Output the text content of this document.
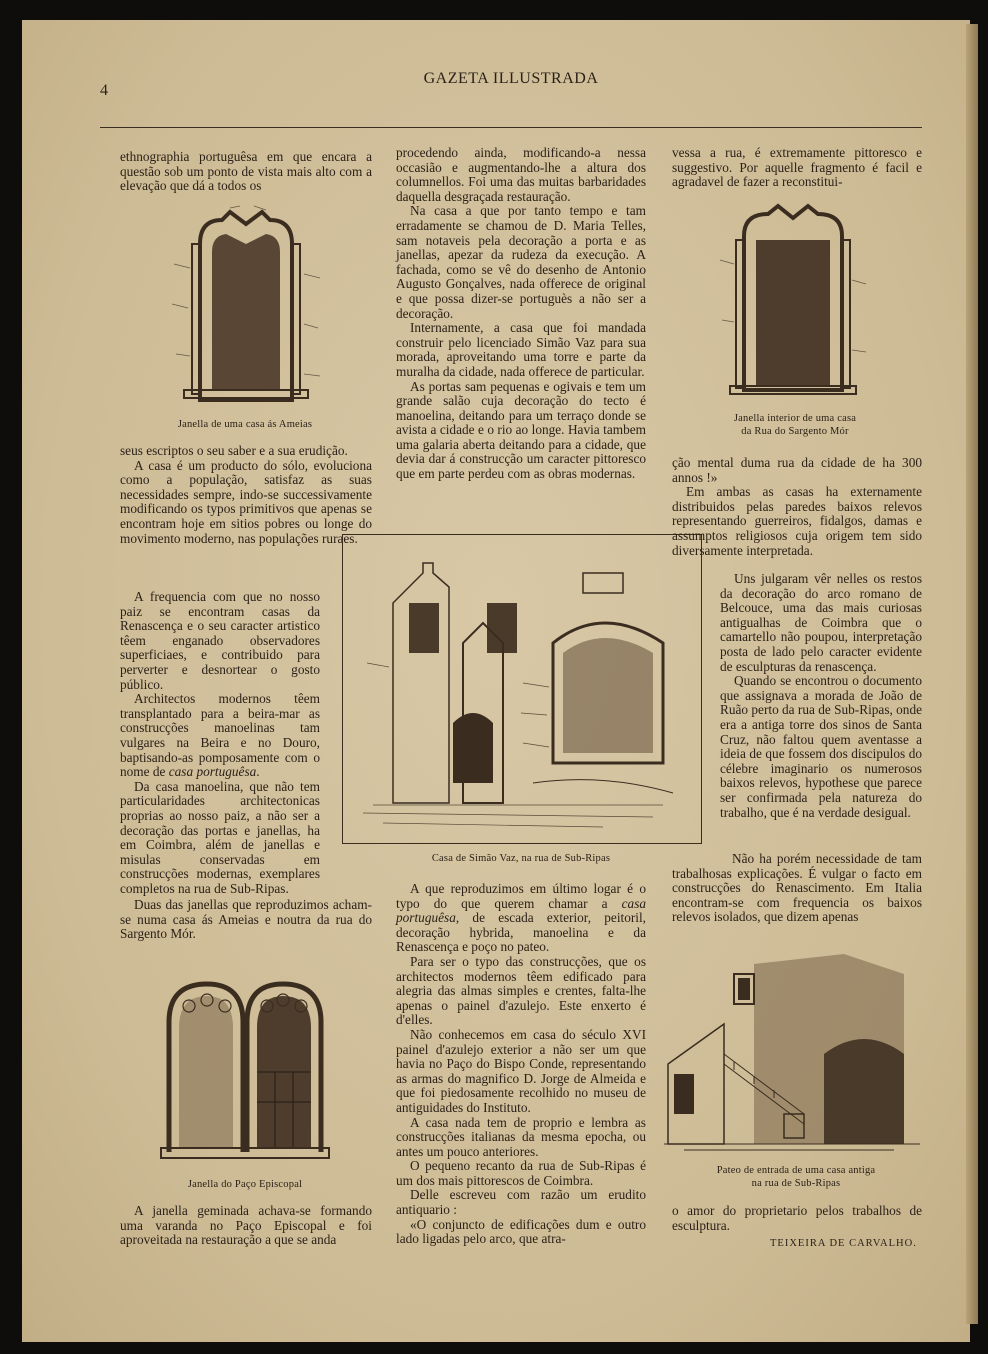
4
GAZETA ILLUSTRADA

ethnographia portuguêsa em que encara a questão sob um ponto de vista mais alto com a elevação que dá a todos os

Janella de uma casa ás Ameias

seus escriptos o seu saber e a sua erudição.

A casa é um producto do sólo, evoluciona como a população, satisfaz as suas necessidades sempre, indo-se successivamente modificando os typos primitivos que apenas se encontram hoje em sitios pobres ou longe do movimento moderno, nas populações ruraes.

A frequencia com que no nosso paiz se encontram casas da Renascença e o seu caracter artistico têem enganado observadores superficiaes, e contribuido para perverter e desnortear o gosto público.

Architectos modernos têem transplantado para a beira-mar as construcções manoelinas tam vulgares na Beira e no Douro, baptisando-as pomposamente com o nome de casa portuguêsa.

Da casa manoelina, que não tem particularidades architectonicas proprias ao nosso paiz, a não ser a decoração das portas e janellas, ha em Coimbra, além de janellas e misulas conservadas em construcções modernas, exemplares completos na rua de Sub-Ripas.

Duas das janellas que reproduzimos acham-se numa casa ás Ameias e noutra da rua do Sargento Mór.

Janella do Paço Episcopal

A janella geminada achava-se formando uma varanda no Paço Episcopal e foi aproveitada na restauração a que se anda

procedendo ainda, modificando-a nessa occasião e augmentando-lhe a altura dos columnellos. Foi uma das muitas barbaridades daquella desgraçada restauração.

Na casa a que por tanto tempo e tam erradamente se chamou de D. Maria Telles, sam notaveis pela decoração a porta e as janellas, apezar da rudeza da execução. A fachada, como se vê do desenho de Antonio Augusto Gonçalves, nada offerece de original e que possa dizer-se portuguès a não ser a decoração.

Internamente, a casa que foi mandada construir pelo licenciado Simão Vaz para sua morada, aproveitando uma torre e parte da muralha da cidade, nada offerece de particular.

As portas sam pequenas e ogivais e tem um grande salão cuja decoração do tecto é manoelina, deitando para um terraço donde se avista a cidade e o rio ao longe. Havia tambem uma galaria aberta deitando para a cidade, que devia dar á construcção um caracter pittoresco que em parte perdeu com as obras modernas.

Casa de Simão Vaz, na rua de Sub-Ripas

A que reproduzimos em último logar é o typo do que querem chamar a casa portuguêsa, de escada exterior, peitoril, decoração hybrida, manoelina e da Renascença e poço no pateo.

Para ser o typo das construcções, que os architectos modernos têem edificado para alegria das almas simples e crentes, falta-lhe apenas o painel d'azulejo. Este enxerto é d'elles.

Não conhecemos em casa do século XVI painel d'azulejo exterior a não ser um que havia no Paço do Bispo Conde, representando as armas do magnifico D. Jorge de Almeida e que foi piedosamente recolhido no museu de antiguidades do Instituto.

A casa nada tem de proprio e lembra as construcções italianas da mesma epocha, ou antes um pouco anteriores.

O pequeno recanto da rua de Sub-Ripas é um dos mais pittorescos de Coimbra.

Delle escreveu com razão um erudito antiquario :

«O conjuncto de edificações dum e outro lado ligadas pelo arco, que atra-

vessa a rua, é extremamente pittoresco e suggestivo. Por aquelle fragmento é facil e agradavel de fazer a reconstitui-

Janella interior de uma casa
da Rua do Sargento Mór

ção mental duma rua da cidade de ha 300 annos !»

Em ambas as casas ha externamente distribuidos pelas paredes baixos relevos representando guerreiros, fidalgos, damas e assumptos religiosos cuja origem tem sido diversamente interpretada.

Uns julgaram vêr nelles os restos da decoração do arco romano de Belcouce, uma das mais curiosas antigualhas de Coimbra que o camartello não poupou, interpretação posta de lado pelo caracter evidente de esculpturas da renascença.

Quando se encontrou o documento que assignava a morada de João de Ruão perto da rua de Sub-Ripas, onde era a antiga torre dos sinos de Santa Cruz, não faltou quem aventasse a ideia de que fossem dos discipulos do célebre imaginario os numerosos baixos relevos, hypothese que parece ser confirmada pela natureza do trabalho, que é na verdade desigual.

Não ha porém necessidade de tam trabalhosas explicações. É vulgar o facto em construcções do Renascimento. Em Italia encontram-se com frequencia os baixos relevos isolados, que dizem apenas

Pateo de entrada de uma casa antiga
na rua de Sub-Ripas

o amor do proprietario pelos trabalhos de esculptura.

TEIXEIRA DE CARVALHO.
